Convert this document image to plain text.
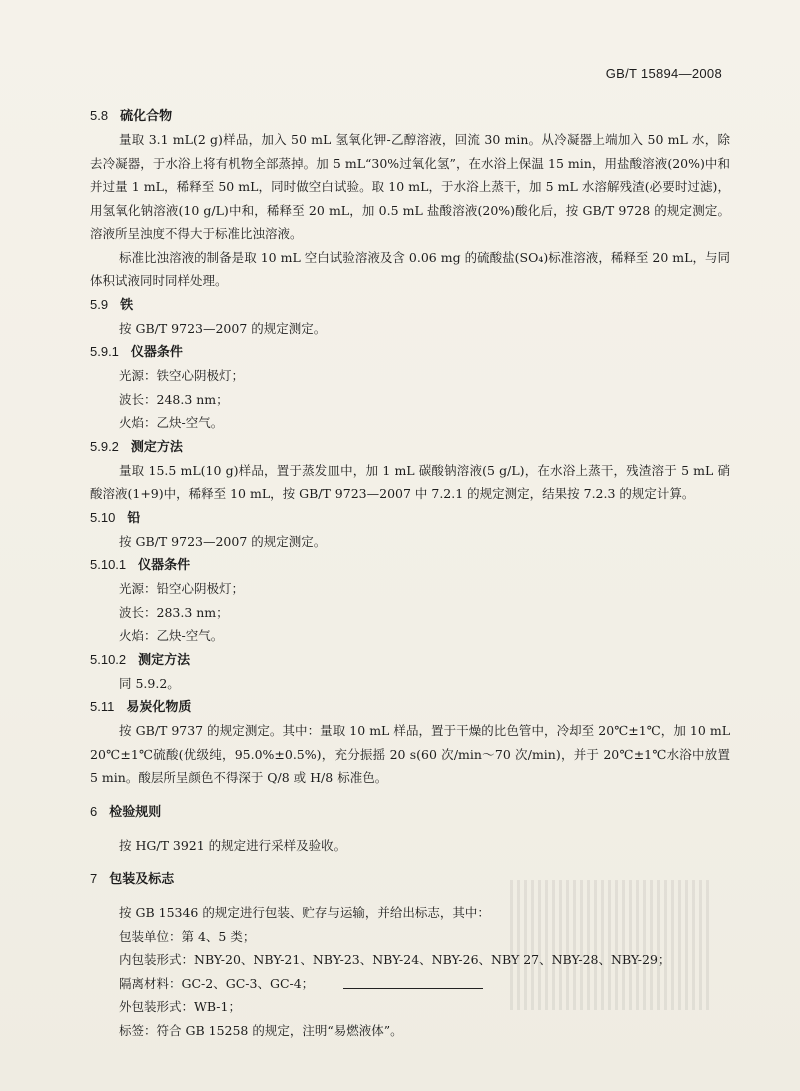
GB/T 15894—2008
5.8 硫化合物
量取 3.1 mL(2 g)样品，加入 50 mL 氢氧化钾-乙醇溶液，回流 30 min。从冷凝器上端加入 50 mL 水，除去冷凝器，于水浴上将有机物全部蒸掉。加 5 mL“30%过氧化氢”，在水浴上保温 15 min，用盐酸溶液(20%)中和并过量 1 mL，稀释至 50 mL，同时做空白试验。取 10 mL，于水浴上蒸干，加 5 mL 水溶解残渣(必要时过滤)，用氢氧化钠溶液(10 g/L)中和，稀释至 20 mL，加 0.5 mL 盐酸溶液(20%)酸化后，按 GB/T 9728 的规定测定。溶液所呈浊度不得大于标准比浊溶液。
标准比浊溶液的制备是取 10 mL 空白试验溶液及含 0.06 mg 的硫酸盐(SO₄)标准溶液，稀释至 20 mL，与同体积试液同时同样处理。
5.9 铁
按 GB/T 9723—2007 的规定测定。
5.9.1 仪器条件
光源：铁空心阴极灯；
波长：248.3 nm；
火焰：乙炔-空气。
5.9.2 测定方法
量取 15.5 mL(10 g)样品，置于蒸发皿中，加 1 mL 碳酸钠溶液(5 g/L)，在水浴上蒸干，残渣溶于 5 mL 硝酸溶液(1+9)中，稀释至 10 mL，按 GB/T 9723—2007 中 7.2.1 的规定测定，结果按 7.2.3 的规定计算。
5.10 铅
按 GB/T 9723—2007 的规定测定。
5.10.1 仪器条件
光源：铅空心阴极灯；
波长：283.3 nm；
火焰：乙炔-空气。
5.10.2 测定方法
同 5.9.2。
5.11 易炭化物质
按 GB/T 9737 的规定测定。其中：量取 10 mL 样品，置于干燥的比色管中，冷却至 20℃±1℃，加 10 mL 20℃±1℃硫酸(优级纯，95.0%±0.5%)，充分振摇 20 s(60 次/min～70 次/min)，并于 20℃±1℃水浴中放置 5 min。酸层所呈颜色不得深于 Q/8 或 H/8 标准色。
6 检验规则
按 HG/T 3921 的规定进行采样及验收。
7 包装及标志
按 GB 15346 的规定进行包装、贮存与运输，并给出标志，其中：
包装单位：第 4、5 类；
内包装形式：NBY-20、NBY-21、NBY-23、NBY-24、NBY-26、NBY 27、NBY-28、NBY-29；
隔离材料：GC-2、GC-3、GC-4；
外包装形式：WB-1；
标签：符合 GB 15258 的规定，注明“易燃液体”。
